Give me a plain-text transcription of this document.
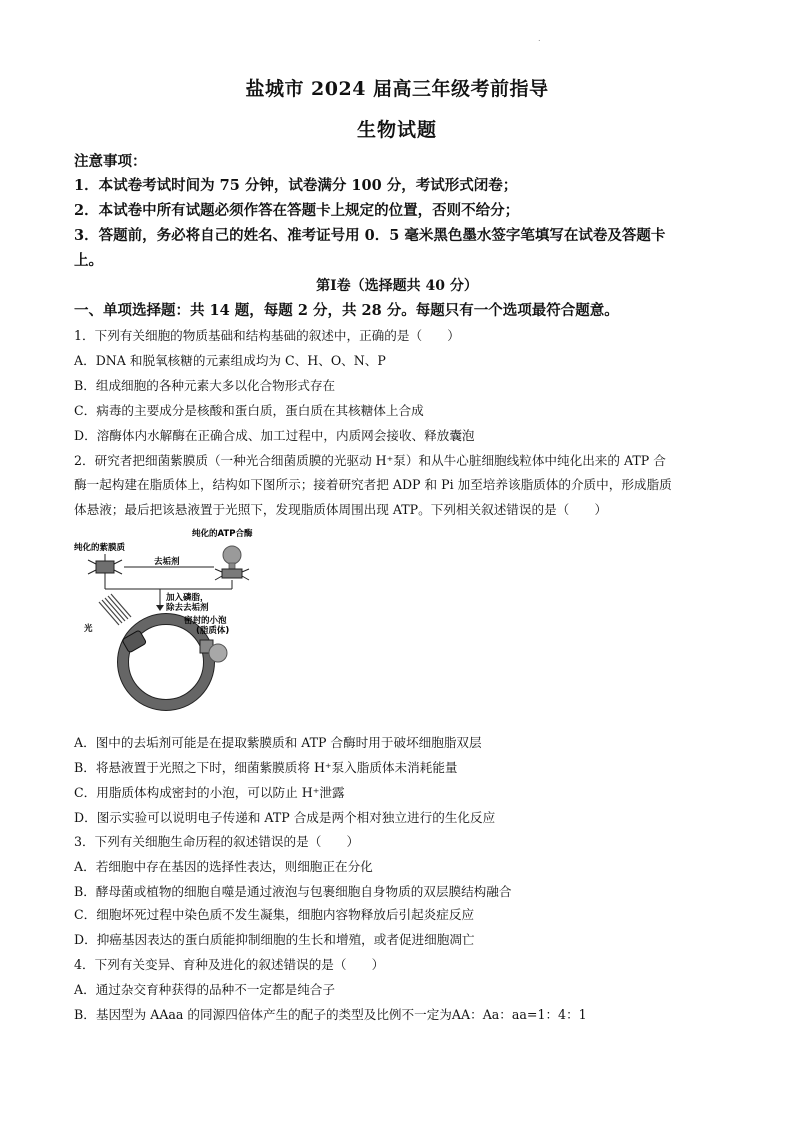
.
盐城市 2024 届高三年级考前指导
生物试题
注意事项：
1．本试卷考试时间为 75 分钟，试卷满分 100 分，考试形式闭卷；
2．本试卷中所有试题必须作答在答题卡上规定的位置，否则不给分；
3．答题前，务必将自己的姓名、准考证号用 0．5 毫米黑色墨水签字笔填写在试卷及答题卡
上。
第Ⅰ卷（选择题共 40 分）
一、单项选择题：共 14 题，每题 2 分，共 28 分。每题只有一个选项最符合题意。
1．下列有关细胞的物质基础和结构基础的叙述中，正确的是（　　）
A．DNA 和脱氧核糖的元素组成均为 C、H、O、N、P
B．组成细胞的各种元素大多以化合物形式存在
C．病毒的主要成分是核酸和蛋白质，蛋白质在其核糖体上合成
D．溶酶体内水解酶在正确合成、加工过程中，内质网会接收、释放囊泡
2．研究者把细菌紫膜质（一种光合细菌质膜的光驱动 H⁺泵）和从牛心脏细胞线粒体中纯化出来的 ATP 合
酶一起构建在脂质体上，结构如下图所示；接着研究者把 ADP 和 Pi 加至培养该脂质体的介质中，形成脂质
体悬液；最后把该悬液置于光照下，发现脂质体周围出现 ATP。下列相关叙述错误的是（　　）
纯化的紫膜质
纯化的ATP合酶
去垢剂
加入磷脂，
除去去垢剂
光
密封的小泡
(脂质体)
A．图中的去垢剂可能是在提取紫膜质和 ATP 合酶时用于破坏细胞脂双层
B．将悬液置于光照之下时，细菌紫膜质将 H⁺泵入脂质体未消耗能量
C．用脂质体构成密封的小泡，可以防止 H⁺泄露
D．图示实验可以说明电子传递和 ATP 合成是两个相对独立进行的生化反应
3．下列有关细胞生命历程的叙述错误的是（　　）
A．若细胞中存在基因的选择性表达，则细胞正在分化
B．酵母菌或植物的细胞自噬是通过液泡与包裹细胞自身物质的双层膜结构融合
C．细胞坏死过程中染色质不发生凝集，细胞内容物释放后引起炎症反应
D．抑癌基因表达的蛋白质能抑制细胞的生长和增殖，或者促进细胞凋亡
4．下列有关变异、育种及进化的叙述错误的是（　　）
A．通过杂交育种获得的品种不一定都是纯合子
B．基因型为 AAaa 的同源四倍体产生的配子的类型及比例不一定为AA：Aa：aa=1：4：1
